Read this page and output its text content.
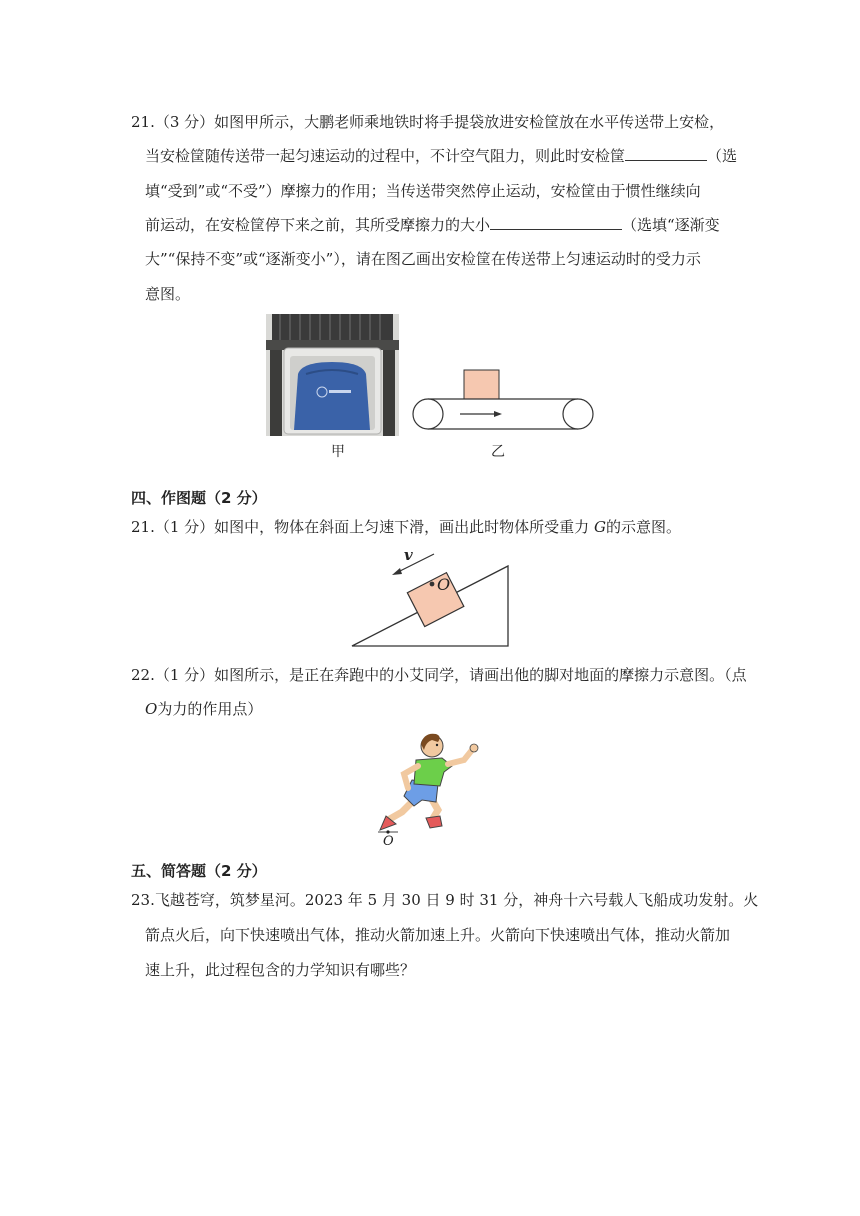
21.（3 分）如图甲所示，大鹏老师乘地铁时将手提袋放进安检筐放在水平传送带上安检，
当安检筐随传送带一起匀速运动的过程中，不计空气阻力，则此时安检筐	（选
填“受到”或“不受”）摩擦力的作用；当传送带突然停止运动，安检筐由于惯性继续向
前运动，在安检筐停下来之前，其所受摩擦力的大小	（选填“逐渐变
大”“保持不变”或“逐渐变小”），请在图乙画出安检筐在传送带上匀速运动时的受力示
意图。
甲	乙
四、作图题（2 分）
21.（1 分）如图中，物体在斜面上匀速下滑，画出此时物体所受重力 G的示意图。
v
O
22.（1 分）如图所示，是正在奔跑中的小艾同学，请画出他的脚对地面的摩擦力示意图。（点
O为力的作用点）
O
五、简答题（2 分）
23.飞越苍穹，筑梦星河。2023 年 5 月 30 日 9 时 31 分，神舟十六号载人飞船成功发射。火
箭点火后，向下快速喷出气体，推动火箭加速上升。火箭向下快速喷出气体，推动火箭加
速上升，此过程包含的力学知识有哪些？
